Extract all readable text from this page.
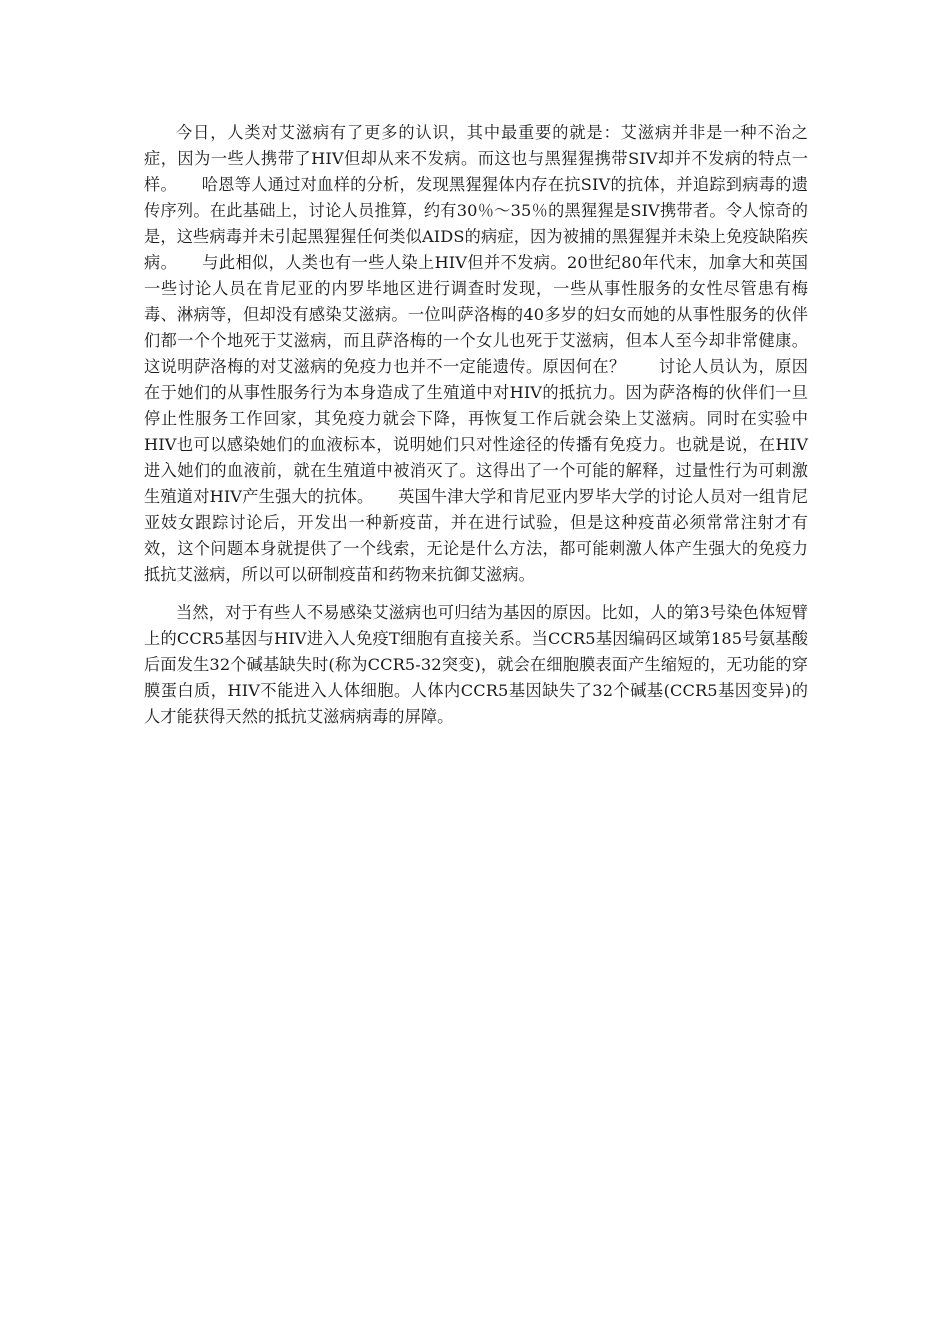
今日，人类对艾滋病有了更多的认识，其中最重要的就是：艾滋病并非是一种不治之症，因为一些人携带了HIV但却从来不发病。而这也与黑猩猩携带SIV却并不发病的特点一样。　　哈恩等人通过对血样的分析，发现黑猩猩体内存在抗SIV的抗体，并追踪到病毒的遗传序列。在此基础上，讨论人员推算，约有30％～35％的黑猩猩是SIV携带者。令人惊奇的是，这些病毒并未引起黑猩猩任何类似AIDS的病症，因为被捕的黑猩猩并未染上免疫缺陷疾病。　　与此相似，人类也有一些人染上HIV但并不发病。20世纪80年代末，加拿大和英国一些讨论人员在肯尼亚的内罗毕地区进行调查时发现，一些从事性服务的女性尽管患有梅毒、淋病等，但却没有感染艾滋病。一位叫萨洛梅的40多岁的妇女而她的从事性服务的伙伴们都一个个地死于艾滋病，而且萨洛梅的一个女儿也死于艾滋病，但本人至今却非常健康。这说明萨洛梅的对艾滋病的免疫力也并不一定能遗传。原因何在？　　讨论人员认为，原因在于她们的从事性服务行为本身造成了生殖道中对HIV的抵抗力。因为萨洛梅的伙伴们一旦停止性服务工作回家，其免疫力就会下降，再恢复工作后就会染上艾滋病。同时在实验中HIV也可以感染她们的血液标本，说明她们只对性途径的传播有免疫力。也就是说，在HIV进入她们的血液前，就在生殖道中被消灭了。这得出了一个可能的解释，过量性行为可刺激生殖道对HIV产生强大的抗体。　　英国牛津大学和肯尼亚内罗毕大学的讨论人员对一组肯尼亚妓女跟踪讨论后，开发出一种新疫苗，并在进行试验，但是这种疫苗必须常常注射才有效，这个问题本身就提供了一个线索，无论是什么方法，都可能刺激人体产生强大的免疫力抵抗艾滋病，所以可以研制疫苗和药物来抗御艾滋病。

当然，对于有些人不易感染艾滋病也可归结为基因的原因。比如，人的第3号染色体短臂上的CCR5基因与HIV进入人免疫T细胞有直接关系。当CCR5基因编码区域第185号氨基酸后面发生32个碱基缺失时(称为CCR5-32突变)，就会在细胞膜表面产生缩短的，无功能的穿膜蛋白质，HIV不能进入人体细胞。人体内CCR5基因缺失了32个碱基(CCR5基因变异)的人才能获得天然的抵抗艾滋病病毒的屏障。
